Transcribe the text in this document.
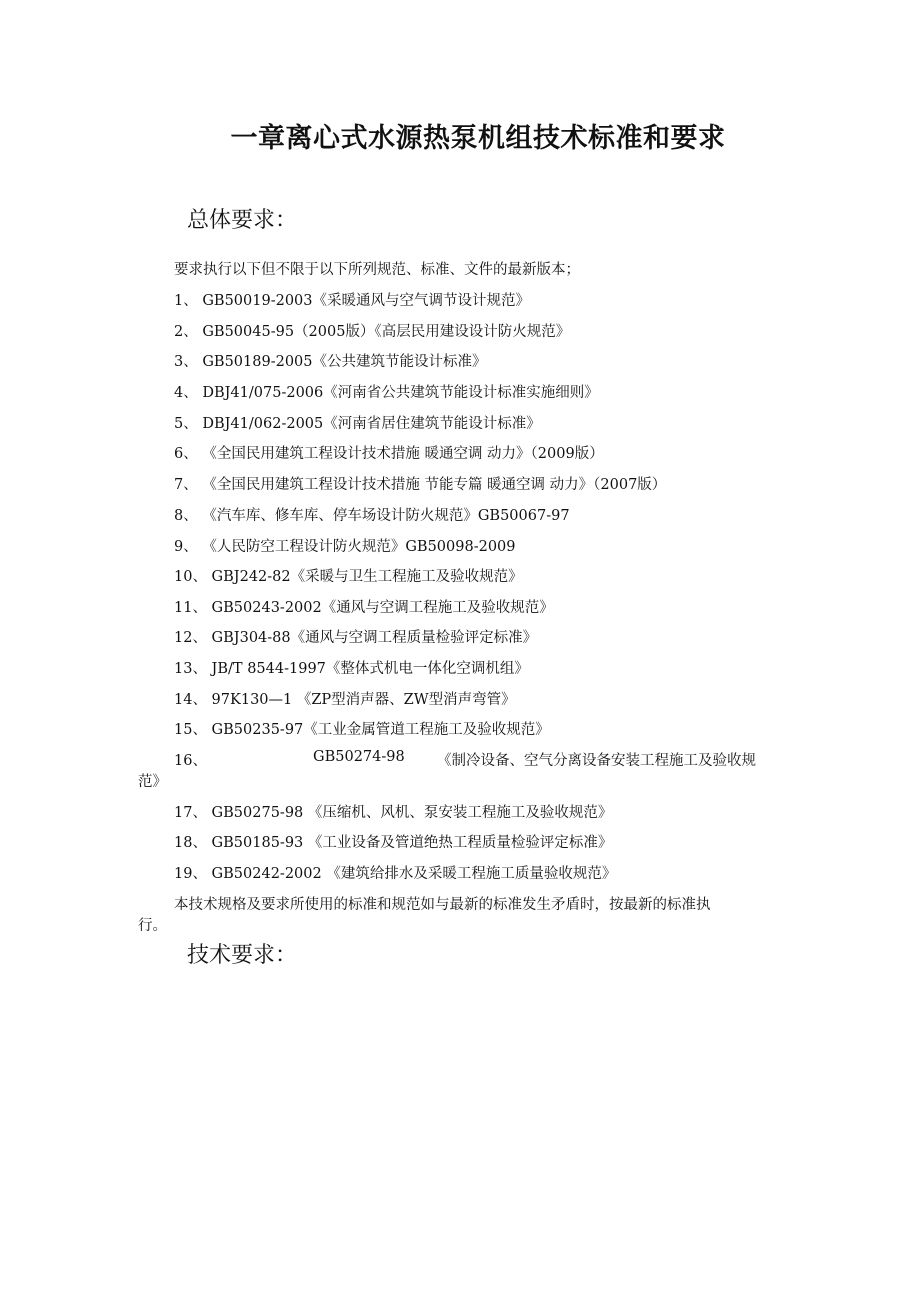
一章离心式水源热泵机组技术标准和要求
总体要求：
要求执行以下但不限于以下所列规范、标准、文件的最新版本；
1、 GB50019-2003《采暖通风与空气调节设计规范》
2、 GB50045-95（2005版）《高层民用建设设计防火规范》
3、 GB50189-2005《公共建筑节能设计标准》
4、 DBJ41/075-2006《河南省公共建筑节能设计标准实施细则》
5、 DBJ41/062-2005《河南省居住建筑节能设计标准》
6、 《全国民用建筑工程设计技术措施 暖通空调 动力》（2009版）
7、 《全国民用建筑工程设计技术措施 节能专篇 暖通空调 动力》（2007版）
8、 《汽车库、修车库、停车场设计防火规范》GB50067-97
9、 《人民防空工程设计防火规范》GB50098-2009
10、 GBJ242-82《采暖与卫生工程施工及验收规范》
11、 GB50243-2002《通风与空调工程施工及验收规范》
12、 GBJ304-88《通风与空调工程质量检验评定标准》
13、 JB/T 8544-1997《整体式机电一体化空调机组》
14、 97K130—1 《ZP型消声器、ZW型消声弯管》
15、 GB50235-97《工业金属管道工程施工及验收规范》
16、	GB50274-98 《制冷设备、空气分离设备安装工程施工及验收规
范》
17、 GB50275-98 《压缩机、风机、泵安装工程施工及验收规范》
18、 GB50185-93 《工业设备及管道绝热工程质量检验评定标准》
19、 GB50242-2002 《建筑给排水及采暖工程施工质量验收规范》
本技术规格及要求所使用的标准和规范如与最新的标准发生矛盾时，按最新的标准执
行。
技术要求：
